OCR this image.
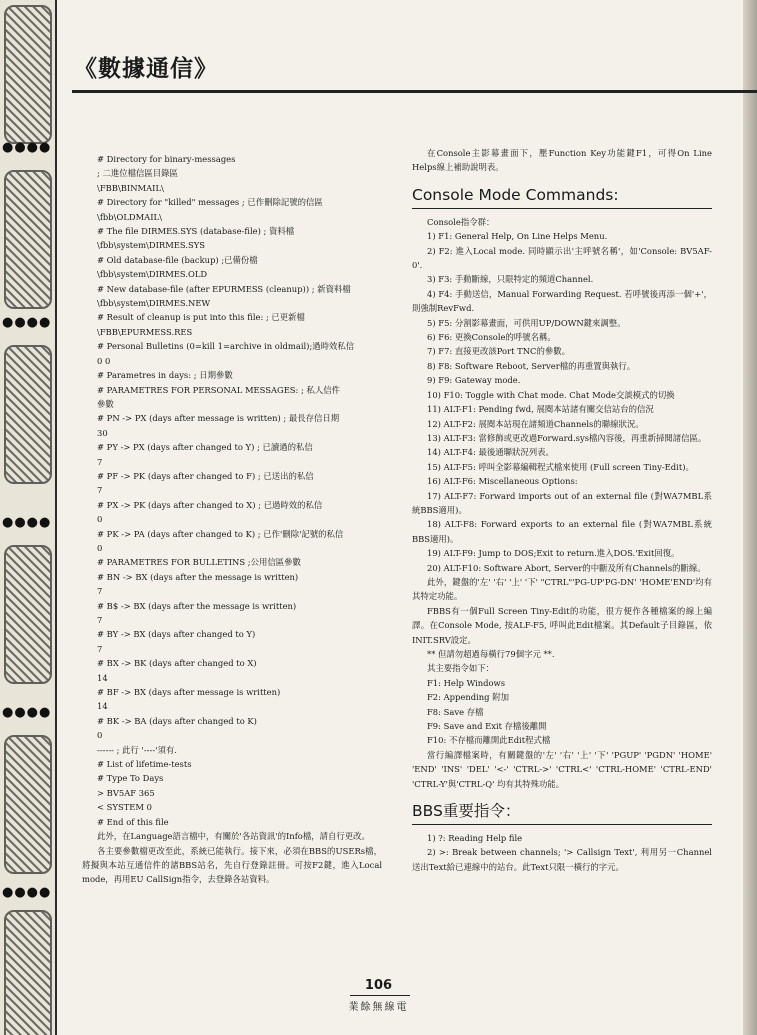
●●●●
●●●●
●●●●
●●●●
●●●●
《數據通信》
# Directory for binary-messages
; 二進位檔信區目錄區
\FBB\BINMAIL\
# Directory for "killed" messages ; 已作刪除記號的信區
\fbb\OLDMAIL\
# The file DIRMES.SYS (database-file) ; 資料檔
\fbb\system\DIRMES.SYS
# Old database-file (backup) ;已備份檔
\fbb\system\DIRMES.OLD
# New database-file (after EPURMESS (cleanup)) ; 新資料檔
\fbb\system\DIRMES.NEW
# Result of cleanup is put into this file: ; 已更新檔
\FBB\EPURMESS.RES
# Personal Bulletins (0=kill 1=archive in oldmail);過時效私信
0 0
# Parametres in days: ; 日期參數
# PARAMETRES FOR PERSONAL MESSAGES: ; 私人信件
參數
# PN -> PX (days after message is written) ; 最長存信日期
30
# PY -> PX (days after changed to Y) ; 已讀過的私信
7
# PF -> PK (days after changed to F) ; 已送出的私信
7
# PX -> PK (days after changed to X) ; 已過時效的私信
0
# PK -> PA (days after changed to K) ; 已作'刪除'記號的私信
0
# PARAMETRES FOR BULLETINS ;公用信區參數
# BN -> BX (days after the message is written)
7
# B$ -> BX (days after the message is written)
7
# BY -> BX (days after changed to Y)
7
# BX -> BK (days after changed to X)
14
# BF -> BX (days after message is written)
14
# BK -> BA (days after changed to K)
0
------ ; 此行 '----'須有.
# List of lifetime-tests
# Type To Days
> BV5AF 365
< SYSTEM 0
# End of this file
此外，在Language語言檔中，有關於'各站資訊'的Info檔，請自行更改。
各主要參數檔更改至此，系統已能執行。接下來，必須在BBS的USERs檔，將擬與本站互通信件的諸BBS站名，先自行登錄註冊。可按F2鍵，進入Local mode，再用EU CallSign指令，去登錄各站資料。
在Console主影幕畫面下，壓Function Key功能鍵F1，可得On Line Helps線上補助說明表。
Console Mode Commands:
Console指令群：
1) F1: General Help, On Line Helps Menu.
2) F2: 進入Local mode. 同時顯示出'主呼號名稱'，如'Console: BV5AF-0'.
3) F3: 手動斷線，只限特定的頻道Channel.
4) F4: 手動送信，Manual Forwarding Request. 若呼號後再添一個'+'，則強制RevFwd.
5) F5: 分割影幕畫面，可供用UP/DOWN鍵來調整。
6) F6: 更換Console的呼號名稱。
7) F7: 直接更改該Port TNC的參數。
8) F8: Software Reboot, Server檔的再重置與執行。
9) F9: Gateway mode.
10) F10: Toggle with Chat mode. Chat Mode交談模式的切換
11) ALT-F1: Pending fwd, 展閱本站諸有關交信站台的信況
12) ALT-F2: 展閱本站現在諸頻道Channels的聯線狀況。
13) ALT-F3: 當修飾或更改過Forward.sys檔內容後，再重新掃閱諸信區。
14) ALT-F4: 最後通聯狀況列表。
15) ALT-F5: 呼叫全影幕編輯程式檔來使用 (Full screen Tiny-Edit)。
16) ALT-F6: Miscellaneous Options:
17) ALT-F7: Forward imports out of an external file (對WA7MBL系統BBS適用)。
18) ALT-F8: Forward exports to an external file (對WA7MBL系統BBS適用)。
19) ALT-F9: Jump to DOS;Exit to return.進入DOS.'Exit回復。
20) ALT-F10: Software Abort, Server的中斷及所有Channels的斷線。
此外，鍵盤的'左' '右' '上' '下' "CTRL"'PG-UP'PG-DN' 'HOME'END'均有其特定功能。
FBBS有一個Full Screen Tiny-Edit的功能，很方便作各種檔案的線上編譯。在Console Mode, 按ALF-F5, 呼叫此Edit檔案。其Default子目錄區，依INIT.SRV設定。
** 但請勿超過每橫行79個字元 **.
其主要指令如下：
F1: Help Windows
F2: Appending 附加
F8: Save 存檔
F9: Save and Exit 存檔後離開
F10: 不存檔而離開此Edit程式檔
當行編譯檔案時，有關鍵盤的'左' '右' '上' '下' 'PGUP' 'PGDN' 'HOME' 'END' 'INS' 'DEL' '<-' 'CTRL->' 'CTRL<' 'CTRL-HOME' 'CTRL-END' 'CTRL-Y'與'CTRL-Q' 均有其特殊功能。
BBS重要指令：
1) ?: Reading Help file
2) >: Break between channels; '> Callsign Text', 利用另一Channel送出Text給已連線中的站台。此Text只限一橫行的字元。
106
業餘無線電
